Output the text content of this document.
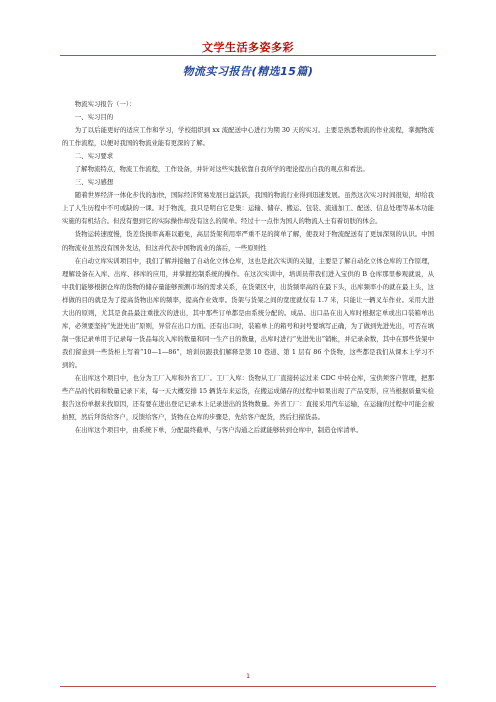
文学生活多姿多彩
物流实习报告(精选15篇)

物流实习报告（一）：

一、实习目的

为了以后能更好的适应工作和学习，学校组织到 xx 流配送中心进行为期 30 天的实习。主要是熟悉物流的作业流程，掌握物流的工作流程，以便对我国的物流业能有更深的了解。

二、实习要求

了解物流特点，物流工作流程，工作设备，并针对这些实践依靠自我所学的理论提出自我的观点和看法。

三、实习感想

随着世界经济一体化步伐的加快，国际经济贸易发展日益活跃，我国的物流行业得到迅速发展。虽然这次实习时间很短，却给我上了人生历程中不可或缺的一课。对于物流，我只是明白它是集：运输、储存、搬运、包装、流通加工、配送、信息处理等基本功能实施的有机结合。但没有想到它的实际操作却没有这么的简单。经过十一点作为国人的物流人士有着切肤的体会。

货物运转速度慢，货差货损率高难以避免，高层货架利用率严重不足的简单了解，使我对于物流配送有了更加深刻的认识。中国的物流业虽然没有国外发达，但这并代表中国物流业的落后，一些原则性

在自动立库实训项目中，我们了解并接触了自动化立体仓库，这也是此次实训的关键，主要是了解自动化立体仓库的工作原理，理解设备在入库、出库、移库的应用，并掌握控制系统的操作。在这次实训中，培训员带我们进入宝供的 B 仓库那里参观就说，从中我们能够根据仓库的货物的储存量能够预测市场的需求关系，在货架区中，出货频率高的在最下头，出库频率小的就在最上头，这样做的目的就是为了提高货物出库的频率，提高作业效率。货架与货架之间的宽度就仅有 1.7 米，只能让一辆叉车作业。采用大进大出的原则，尤其是食品最注重批次的进出，其中那些订单都是由系统分配的。成品、出口品在出入库时根据定单或出口装箱单出库，必须要坚持“先进先出”原则，异常在出口方面。还有出口时，装箱单上的箱号和封号要填写正确，为了做到先进先出，可否在填制一张记录单用于记录每一货品每次入库的数量和同一生产日的数量，出库时进行“先进先出”销帐，并记录余数，其中在那些货架中我们留意到一些货柜上写着“10—1—86”，培训员跟我们解释是第 10 巷道、第 1 层有 86 个货物，这些都是我们从课本上学习不到的。

在出库这个项目中，也分为工厂入库和外省工厂。工厂入库：货物从工厂直接转运过来 CDC 中转仓库，宝供须客户管理，把那些产品的代码和数量记录下来，每一天大概安排 15 辆货车来运货，在搬运成储存的过程中如果出现了产品变形，应当根据质量实检报告这份单据来找原因，还有要在进出登记记录本上记录进出的货物数量。外省工厂：直接采用汽车运输，在运输的过程中可能会被拍照，然后拜货给客户，反馈给客户，货物在仓库的步骤是，先给客户配货，然后扫描货品。

在出库这个项目中，由系统下单，分配最终截单，与客户沟通之后就能够转到仓库中，制造仓库清单。

1
